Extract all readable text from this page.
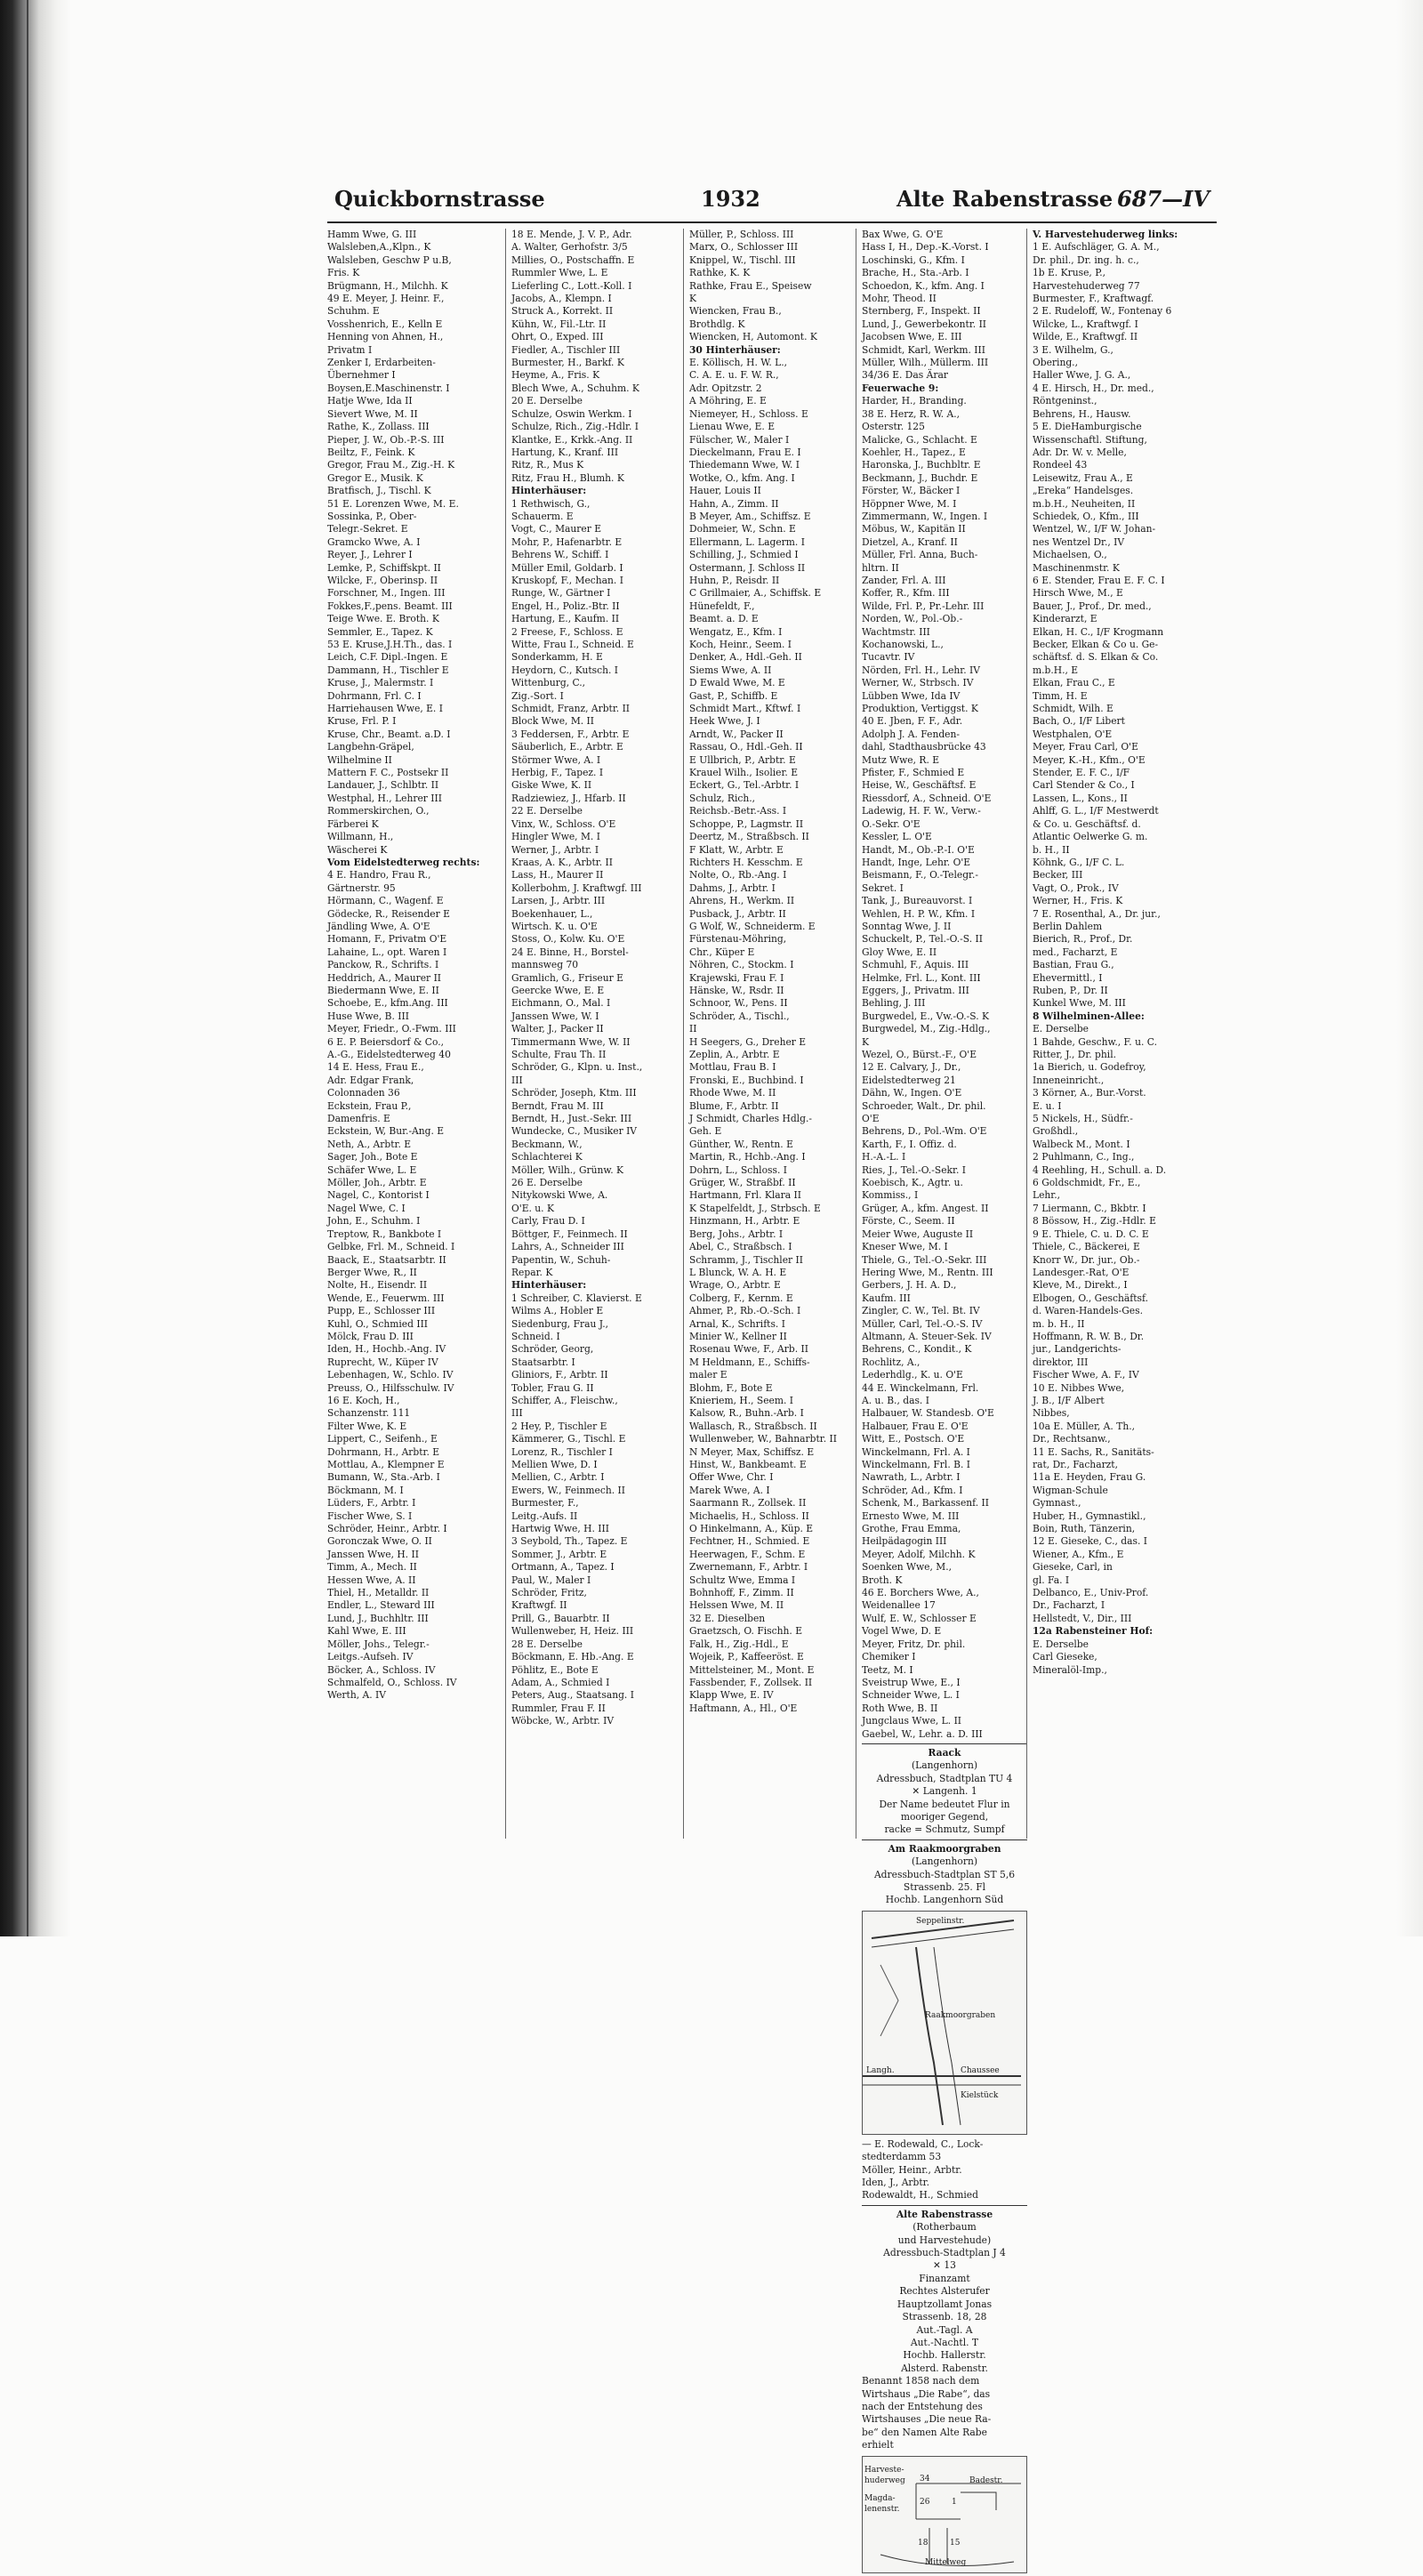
Quickbornstrasse	1932	Alte Rabenstrasse 687—IV
Hamm Wwe, G. III
Walsleben,A.,Klpn., K
Walsleben, Geschw P u.B,
Fris. K
Brügmann, H., Milchh. K
49 E. Meyer, J. Heinr. F.,
Schuhm. E
Vosshenrich, E., Kelln E
Henning von Ahnen, H.,
Privatm I
Zenker I, Erdarbeiten-
Übernehmer I
Boysen,E.Maschinenstr. I
Hatje Wwe, Ida II
Sievert Wwe, M. II
Rathe, K., Zollass. III
Pieper, J. W., Ob.-P.-S. III
Beiltz, F., Feink. K
Gregor, Frau M., Zig.-H. K
Gregor E., Musik. K
Bratfisch, J., Tischl. K
51 E. Lorenzen Wwe, M. E.
Sossinka, P., Ober-
Telegr.-Sekret. E
Gramcko Wwe, A. I
Reyer, J., Lehrer I
Lemke, P., Schiffskpt. II
Wilcke, F., Oberinsp. II
Forschner, M., Ingen. III
Fokkes,F.,pens. Beamt. III
Teige Wwe. E. Broth. K
Semmler, E., Tapez. K
53 E. Kruse,J.H.Th., das. I
Leich, C.F. Dipl.-Ingen. E
Dammann, H., Tischler E
Kruse, J., Malermstr. I
Dohrmann, Frl. C. I
Harriehausen Wwe, E. I
Kruse, Frl. P. I
Kruse, Chr., Beamt. a.D. I
Langbehn-Gräpel,
Wilhelmine II
Mattern F. C., Postsekr II
Landauer, J., Schlbtr. II
Westphal, H., Lehrer III
Rommerskirchen, O.,
Färberei K
Willmann, H.,
Wäscherei K
Vom Eidelstedterweg rechts:
4 E. Handro, Frau R.,
Gärtnerstr. 95
Hörmann, C., Wagenf. E
Gödecke, R., Reisender E
Jändling Wwe, A. O'E
Homann, F., Privatm O'E
Lahaine, L., opt. Waren I
Panckow, R., Schrifts. I
Heddrich, A., Maurer II
Biedermann Wwe, E. II
Schoebe, E., kfm.Ang. III
Huse Wwe, B. III
Meyer, Friedr., O.-Fwm. III
6 E. P. Beiersdorf & Co.,
A.-G., Eidelstedterweg 40
14 E. Hess, Frau E.,
Adr. Edgar Frank,
Colonnaden 36
Eckstein, Frau P.,
Damenfris. E
Eckstein, W, Bur.-Ang. E
Neth, A., Arbtr. E
Sager, Joh., Bote E
Schäfer Wwe, L. E
Möller, Joh., Arbtr. E
Nagel, C., Kontorist I
Nagel Wwe, C. I
John, E., Schuhm. I
Treptow, R., Bankbote I
Gelbke, Frl. M., Schneid. I
Baack, E., Staatsarbtr. II
Berger Wwe, R., II
Nolte, H., Eisendr. II
Wende, E., Feuerwm. III
Pupp, E., Schlosser III
Kuhl, O., Schmied III
Mölck, Frau D. III
Iden, H., Hochb.-Ang. IV
Ruprecht, W., Küper IV
Lebenhagen, W., Schlo. IV
Preuss, O., Hilfsschulw. IV
16 E. Koch, H.,
Schanzenstr. 111
Filter Wwe, K. E
Lippert, C., Seifenh., E
Dohrmann, H., Arbtr. E
Mottlau, A., Klempner E
Bumann, W., Sta.-Arb. I
Böckmann, M. I
Lüders, F., Arbtr. I
Fischer Wwe, S. I
Schröder, Heinr., Arbtr. I
Goronczak Wwe, O. II
Janssen Wwe, H. II
Timm, A., Mech. II
Hessen Wwe, A. II
Thiel, H., Metalldr. II
Endler, L., Steward III
Lund, J., Buchhltr. III
Kahl Wwe, E. III
Möller, Johs., Telegr.-
Leitgs.-Aufseh. IV
Böcker, A., Schloss. IV
Schmalfeld, O., Schloss. IV
Werth, A. IV
18 E. Mende, J. V. P., Adr.
A. Walter, Gerhofstr. 3/5
Millies, O., Postschaffn. E
Rummler Wwe, L. E
Lieferling C., Lott.-Koll. I
Jacobs, A., Klempn. I
Struck A., Korrekt. II
Kühn, W., Fil.-Ltr. II
Ohrt, O., Exped. III
Fiedler, A., Tischler III
Burmester, H., Barkf. K
Heyme, A., Fris. K
Blech Wwe, A., Schuhm. K
20 E. Derselbe
Schulze, Oswin Werkm. I
Schulze, Rich., Zig.-Hdlr. I
Klantke, E., Krkk.-Ang. II
Hartung, K., Kranf. III
Ritz, R., Mus K
Ritz, Frau H., Blumh. K
Hinterhäuser:
1 Rethwisch, G.,
Schauerm. E
Vogt, C., Maurer E
Mohr, P., Hafenarbtr. E
Behrens W., Schiff. I
Müller Emil, Goldarb. I
Kruskopf, F., Mechan. I
Runge, W., Gärtner I
Engel, H., Poliz.-Btr. II
Hartung, E., Kaufm. II
2 Freese, F., Schloss. E
Witte, Frau I., Schneid. E
Sonderkamm, H. E
Heydorn, C., Kutsch. I
Wittenburg, C.,
Zig.-Sort. I
Schmidt, Franz, Arbtr. II
Block Wwe, M. II
3 Feddersen, F., Arbtr. E
Säuberlich, E., Arbtr. E
Störmer Wwe, A. I
Herbig, F., Tapez. I
Giske Wwe, K. II
Radziewiez, J., Hfarb. II
22 E. Derselbe
Vinx, W., Schloss. O'E
Hingler Wwe, M. I
Werner, J., Arbtr. I
Kraas, A. K., Arbtr. II
Lass, H., Maurer II
Kollerbohm, J. Kraftwgf. III
Larsen, J., Arbtr. III
Boekenhauer, L.,
Wirtsch. K. u. O'E
Stoss, O., Kolw. Ku. O'E
24 E. Binne, H., Borstel-
mannsweg 70
Gramlich, G., Friseur E
Geercke Wwe, E. E
Eichmann, O., Mal. I
Janssen Wwe, W. I
Walter, J., Packer II
Timmermann Wwe, W. II
Schulte, Frau Th. II
Schröder, G., Klpn. u. Inst.,
III
Schröder, Joseph, Ktm. III
Berndt, Frau M. III
Berndt, H., Just.-Sekr. III
Wundecke, C., Musiker IV
Beckmann, W.,
Schlachterei K
Möller, Wilh., Grünw. K
26 E. Derselbe
Nitykowski Wwe, A.
O'E. u. K
Carly, Frau D. I
Böttger, F., Feinmech. II
Lahrs, A., Schneider III
Papentin, W., Schuh-
Repar. K
Hinterhäuser:
1 Schreiber, C. Klavierst. E
Wilms A., Hobler E
Siedenburg, Frau J.,
Schneid. I
Schröder, Georg,
Staatsarbtr. I
Gliniors, F., Arbtr. II
Tobler, Frau G. II
Schiffer, A., Fleischw.,
III
2 Hey, P., Tischler E
Kämmerer, G., Tischl. E
Lorenz, R., Tischler I
Mellien Wwe, D. I
Mellien, C., Arbtr. I
Ewers, W., Feinmech. II
Burmester, F.,
Leitg.-Aufs. II
Hartwig Wwe, H. III
3 Seybold, Th., Tapez. E
Sommer, J., Arbtr. E
Ortmann, A., Tapez. I
Paul, W., Maler I
Schröder, Fritz,
Kraftwgf. II
Prill, G., Bauarbtr. II
Wullenweber, H, Heiz. III
28 E. Derselbe
Böckmann, E. Hb.-Ang. E
Pöhlitz, E., Bote E
Adam, A., Schmied I
Peters, Aug., Staatsang. I
Rummler, Frau F. II
Wöbcke, W., Arbtr. IV
Müller, P., Schloss. III
Marx, O., Schlosser III
Knippel, W., Tischl. III
Rathke, K. K
Rathke, Frau E., Speisew
K
Wiencken, Frau B.,
Brothdlg. K
Wiencken, H, Automont. K
30 Hinterhäuser:
E. Köllisch, H. W. L.,
C. A. E. u. F. W. R.,
Adr. Opitzstr. 2
A Möhring, E. E
Niemeyer, H., Schloss. E
Lienau Wwe, E. E
Fülscher, W., Maler I
Dieckelmann, Frau E. I
Thiedemann Wwe, W. I
Wotke, O., kfm. Ang. I
Hauer, Louis II
Hahn, A., Zimm. II
B Meyer, Am., Schiffsz. E
Dohmeier, W., Schn. E
Ellermann, L. Lagerm. I
Schilling, J., Schmied I
Ostermann, J. Schloss II
Huhn, P., Reisdr. II
C Grillmaier, A., Schiffsk. E
Hünefeldt, F.,
Beamt. a. D. E
Wengatz, E., Kfm. I
Koch, Heinr., Seem. I
Denker, A., Hdl.-Geh. II
Siems Wwe, A. II
D Ewald Wwe, M. E
Gast, P., Schiffb. E
Schmidt Mart., Kftwf. I
Heek Wwe, J. I
Arndt, W., Packer II
Rassau, O., Hdl.-Geh. II
E Ullbrich, P., Arbtr. E
Krauel Wilh., Isolier. E
Eckert, G., Tel.-Arbtr. I
Schulz, Rich.,
Reichsb.-Betr.-Ass. I
Schoppe, P., Lagmstr. II
Deertz, M., Straßbsch. II
F Klatt, W., Arbtr. E
Richters H. Kesschm. E
Nolte, O., Rb.-Ang. I
Dahms, J., Arbtr. I
Ahrens, H., Werkm. II
Pusback, J., Arbtr. II
G Wolf, W., Schneiderm. E
Fürstenau-Möhring,
Chr., Küper E
Nöhren, C., Stockm. I
Krajewski, Frau F. I
Hänske, W., Rsdr. II
Schnoor, W., Pens. II
Schröder, A., Tischl.,
II
H Seegers, G., Dreher E
Zeplin, A., Arbtr. E
Mottlau, Frau B. I
Fronski, E., Buchbind. I
Rhode Wwe, M. II
Blume, F., Arbtr. II
J Schmidt, Charles Hdlg.-
Geh. E
Günther, W., Rentn. E
Martin, R., Hchb.-Ang. I
Dohrn, L., Schloss. I
Grüger, W., Straßbf. II
Hartmann, Frl. Klara II
K Stapelfeldt, J., Strbsch. E
Hinzmann, H., Arbtr. E
Berg, Johs., Arbtr. I
Abel, C., Straßbsch. I
Schramm, J., Tischler II
L Blunck, W. A. H. E
Wrage, O., Arbtr. E
Colberg, F., Kernm. E
Ahmer, P., Rb.-O.-Sch. I
Arnal, K., Schrifts. I
Minier W., Kellner II
Rosenau Wwe, F., Arb. II
M Heldmann, E., Schiffs-
maler E
Blohm, F., Bote E
Knieriem, H., Seem. I
Kalsow, R., Buhn.-Arb. I
Wallasch, R., Straßbsch. II
Wullenweber, W., Bahnarbtr. II
N Meyer, Max, Schiffsz. E
Hinst, W., Bankbeamt. E
Offer Wwe, Chr. I
Marek Wwe, A. I
Saarmann R., Zollsek. II
Michaelis, H., Schloss. II
O Hinkelmann, A., Küp. E
Fechtner, H., Schmied. E
Heerwagen, F., Schm. E
Zwernemann, F., Arbtr. I
Schultz Wwe, Emma I
Bohnhoff, F., Zimm. II
Helssen Wwe, M. II
32 E. Dieselben
Graetzsch, O. Fischh. E
Falk, H., Zig.-Hdl., E
Wojeik, P., Kaffeeröst. E
Mittelsteiner, M., Mont. E
Fassbender, F., Zollsek. II
Klapp Wwe, E. IV
Haftmann, A., Hl., O'E
Bax Wwe, G. O'E
Hass I, H., Dep.-K.-Vorst. I
Loschinski, G., Kfm. I
Brache, H., Sta.-Arb. I
Schoedon, K., kfm. Ang. I
Mohr, Theod. II
Sternberg, F., Inspekt. II
Lund, J., Gewerbekontr. II
Jacobsen Wwe, E. III
Schmidt, Karl, Werkm. III
Müller, Wilh., Müllerm. III
34/36 E. Das Ärar
Feuerwache 9:
Harder, H., Branding.
38 E. Herz, R. W. A.,
Osterstr. 125
Malicke, G., Schlacht. E
Koehler, H., Tapez., E
Haronska, J., Buchbltr. E
Beckmann, J., Buchdr. E
Förster, W., Bäcker I
Höppner Wwe, M. I
Zimmermann, W., Ingen. I
Möbus, W., Kapitän II
Dietzel, A., Kranf. II
Müller, Frl. Anna, Buch-
hltrn. II
Zander, Frl. A. III
Koffer, R., Kfm. III
Wilde, Frl. P., Pr.-Lehr. III
Norden, W., Pol.-Ob.-
Wachtmstr. III
Kochanowski, L.,
Tucavtr. IV
Nörden, Frl. H., Lehr. IV
Werner, W., Strbsch. IV
Lübben Wwe, Ida IV
Produktion, Vertiggst. K
40 E. Jben, F. F., Adr.
Adolph J. A. Fenden-
dahl, Stadthausbrücke 43
Mutz Wwe, R. E
Pfister, F., Schmied E
Heise, W., Geschäftsf. E
Riessdorf, A., Schneid. O'E
Ladewig, H. F. W., Verw.-
O.-Sekr. O'E
Kessler, L. O'E
Handt, M., Ob.-P.-I. O'E
Handt, Inge, Lehr. O'E
Beismann, F., O.-Telegr.-
Sekret. I
Tank, J., Bureauvorst. I
Wehlen, H. P. W., Kfm. I
Sonntag Wwe, J. II
Schuckelt, P., Tel.-O.-S. II
Gloy Wwe, E. II
Schmuhl, F., Aquis. III
Helmke, Frl. L., Kont. III
Eggers, J., Privatm. III
Behling, J. III
Burgwedel, E., Vw.-O.-S. K
Burgwedel, M., Zig.-Hdlg.,
K
Wezel, O., Bürst.-F., O'E
12 E. Calvary, J., Dr.,
Eidelstedterweg 21
Dähn, W., Ingen. O'E
Schroeder, Walt., Dr. phil.
O'E
Behrens, D., Pol.-Wm. O'E
Karth, F., I. Offiz. d.
H.-A.-L. I
Ries, J., Tel.-O.-Sekr. I
Koebisch, K., Agtr. u.
Kommiss., I
Grüger, A., kfm. Angest. II
Förste, C., Seem. II
Meier Wwe, Auguste II
Kneser Wwe, M. I
Thiele, G., Tel.-O.-Sekr. III
Hering Wwe, M., Rentn. III
Gerbers, J. H. A. D.,
Kaufm. III
Zingler, C. W., Tel. Bt. IV
Müller, Carl, Tel.-O.-S. IV
Altmann, A. Steuer-Sek. IV
Behrens, C., Kondit., K
Rochlitz, A.,
Lederhdlg., K. u. O'E
44 E. Winckelmann, Frl.
A. u. B., das. I
Halbauer, W. Standesb. O'E
Halbauer, Frau E. O'E
Witt, E., Postsch. O'E
Winckelmann, Frl. A. I
Winckelmann, Frl. B. I
Nawrath, L., Arbtr. I
Schröder, Ad., Kfm. I
Schenk, M., Barkassenf. II
Ernesto Wwe, M. III
Grothe, Frau Emma,
Heilpädagogin III
Meyer, Adolf, Milchh. K
Soenken Wwe, M.,
Broth. K
46 E. Borchers Wwe, A.,
Weidenallee 17
Wulf, E. W., Schlosser E
Vogel Wwe, D. E
Meyer, Fritz, Dr. phil.
Chemiker I
Teetz, M. I
Sveistrup Wwe, E., I
Schneider Wwe, L. I
Roth Wwe, B. II
Jungclaus Wwe, L. II
Gaebel, W., Lehr. a. D. III
Raack
(Langenhorn)
Adressbuch, Stadtplan TU 4
✕ Langenh. 1
Der Name bedeutet Flur in
mooriger Gegend,
racke = Schmutz, Sumpf
Am Raakmoorgraben
(Langenhorn)
Adressbuch-Stadtplan ST 5,6
Strassenb. 25. Fl
Hochb. Langenhorn Süd
Seppelinstr.
Raakmoorgraben
Langh.	Chaussee
Kielstück
— E. Rodewald, C., Lock-
stedterdamm 53
Möller, Heinr., Arbtr.
Iden, J., Arbtr.
Rodewaldt, H., Schmied
Alte Rabenstrasse
(Rotherbaum
und Harvestehude)
Adressbuch-Stadtplan J 4
✕ 13
Finanzamt
Rechtes Alsterufer
Hauptzollamt Jonas
Strassenb. 18, 28
Aut.-Tagl. A
Aut.-Nachtl. T
Hochb. Hallerstr.
Alsterd. Rabenstr.
Benannt 1858 nach dem
Wirtshaus „Die Rabe“, das
nach der Entstehung des
Wirtshauses „Die neue Ra-
be“ den Namen Alte Rabe
erhielt
Harveste-
huderweg 34	Badestr.
Magda-
lenenstr.
26	1
18	15
Mittelweg
V. Harvestehuderweg links:
1 E. Aufschläger, G. A. M.,
Dr. phil., Dr. ing. h. c.,
1b E. Kruse, P.,
Harvestehuderweg 77
Burmester, F., Kraftwagf.
2 E. Rudeloff, W., Fontenay 6
Wilcke, L., Kraftwgf. I
Wilde, E., Kraftwgf. II
3 E. Wilhelm, G.,
Obering.,
Haller Wwe, J. G. A.,
4 E. Hirsch, H., Dr. med.,
Röntgeninst.,
Behrens, H., Hausw.
5 E. DieHamburgische
Wissenschaftl. Stiftung,
Adr. Dr. W. v. Melle,
Rondeel 43
Leisewitz, Frau A., E
„Ereka“ Handelsges.
m.b.H., Neuheiten, II
Schiedek, O., Kfm., III
Wentzel, W., I/F W. Johan-
nes Wentzel Dr., IV
Michaelsen, O.,
Maschinenmstr. K
6 E. Stender, Frau E. F. C. I
Hirsch Wwe, M., E
Bauer, J., Prof., Dr. med.,
Kinderarzt, E
Elkan, H. C., I/F Krogmann
Becker, Elkan & Co u. Ge-
schäftsf. d. S. Elkan & Co.
m.b.H., E
Elkan, Frau C., E
Timm, H. E
Schmidt, Wilh. E
Bach, O., I/F Libert
Westphalen, O'E
Meyer, Frau Carl, O'E
Meyer, K.-H., Kfm., O'E
Stender, E. F. C., I/F
Carl Stender & Co., I
Lassen, L., Kons., II
Ahlff, G. L., I/F Mestwerdt
& Co. u. Geschäftsf. d.
Atlantic Oelwerke G. m.
b. H., II
Köhnk, G., I/F C. L.
Becker, III
Vagt, O., Prok., IV
Werner, H., Fris. K
7 E. Rosenthal, A., Dr. jur.,
Berlin Dahlem
Bierich, R., Prof., Dr.
med., Facharzt, E
Bastian, Frau G.,
Ehevermittl., I
Ruben, P., Dr. II
Kunkel Wwe, M. III
8 Wilhelminen-Allee:
E. Derselbe
1 Bahde, Geschw., F. u. C.
Ritter, J., Dr. phil.
1a Bierich, u. Godefroy,
Inneneinricht.,
3 Körner, A., Bur.-Vorst.
E. u. I
5 Nickels, H., Südfr.-
Großhdl.,
Walbeck M., Mont. I
2 Puhlmann, C., Ing.,
4 Reehling, H., Schull. a. D.
6 Goldschmidt, Fr., E.,
Lehr.,
7 Liermann, C., Bkbtr. I
8 Bössow, H., Zig.-Hdlr. E
9 E. Thiele, C. u. D. C. E
Thiele, C., Bäckerei, E
Knorr W., Dr. jur., Ob.-
Landesger.-Rat, O'E
Kleve, M., Direkt., I
Elbogen, O., Geschäftsf.
d. Waren-Handels-Ges.
m. b. H., II
Hoffmann, R. W. B., Dr.
jur., Landgerichts-
direktor, III
Fischer Wwe, A. F., IV
10 E. Nibbes Wwe,
J. B., I/F Albert
Nibbes,
10a E. Müller, A. Th.,
Dr., Rechtsanw.,
11 E. Sachs, R., Sanitäts-
rat, Dr., Facharzt,
11a E. Heyden, Frau G.
Wigman-Schule
Gymnast.,
Huber, H., Gymnastikl.,
Boin, Ruth, Tänzerin,
12 E. Gieseke, C., das. I
Wiener, A., Kfm., E
Gieseke, Carl, in
gl. Fa. I
Delbanco, E., Univ-Prof.
Dr., Facharzt, I
Hellstedt, V., Dir., III
12a Rabensteiner Hof:
E. Derselbe
Carl Gieseke,
Mineralöl-Imp.,
